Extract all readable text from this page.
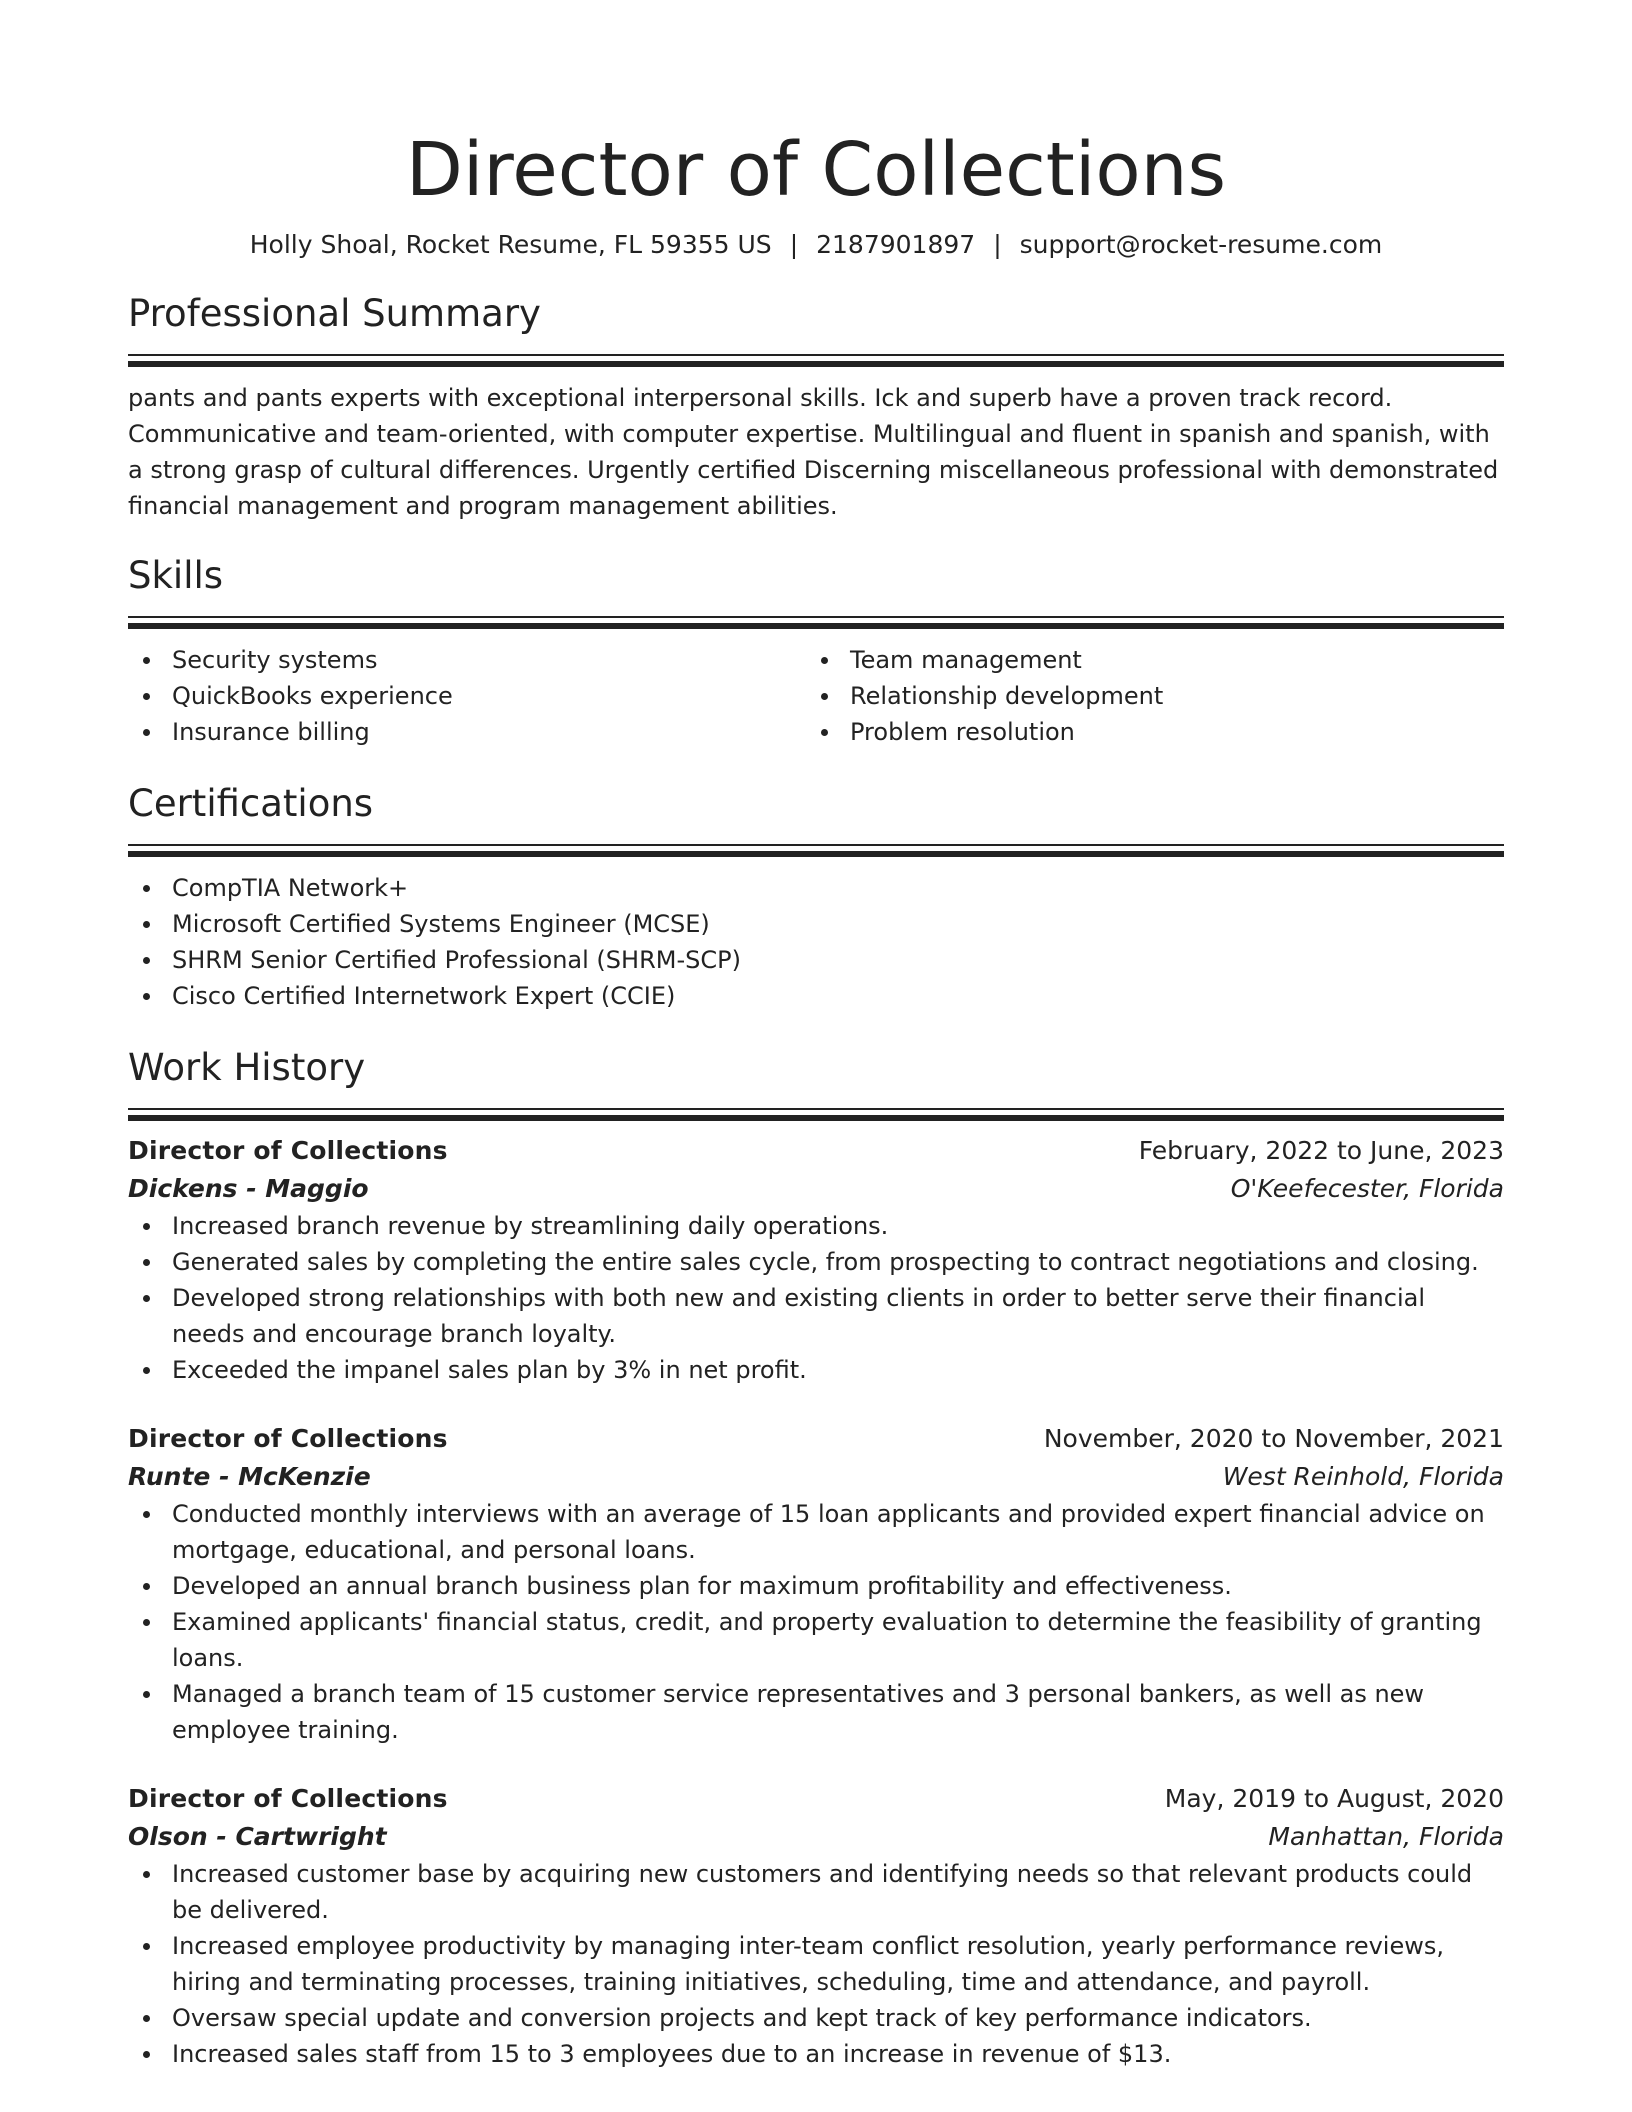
Director of Collections
Holly Shoal, Rocket Resume, FL 59355 US | 2187901897 | support@rocket-resume.com
Professional Summary
pants and pants experts with exceptional interpersonal skills. Ick and superb have a proven track record. Communicative and team-oriented, with computer expertise. Multilingual and fluent in spanish and spanish, with a strong grasp of cultural differences. Urgently certified Discerning miscellaneous professional with demonstrated financial management and program management abilities.
Skills
Security systems
QuickBooks experience
Insurance billing
Team management
Relationship development
Problem resolution
Certifications
CompTIA Network+
Microsoft Certified Systems Engineer (MCSE)
SHRM Senior Certified Professional (SHRM-SCP)
Cisco Certified Internetwork Expert (CCIE)
Work History
Director of Collections	February, 2022 to June, 2023
Dickens - Maggio	O'Keefecester, Florida
Increased branch revenue by streamlining daily operations.
Generated sales by completing the entire sales cycle, from prospecting to contract negotiations and closing.
Developed strong relationships with both new and existing clients in order to better serve their financial needs and encourage branch loyalty.
Exceeded the impanel sales plan by 3% in net profit.
Director of Collections	November, 2020 to November, 2021
Runte - McKenzie	West Reinhold, Florida
Conducted monthly interviews with an average of 15 loan applicants and provided expert financial advice on mortgage, educational, and personal loans.
Developed an annual branch business plan for maximum profitability and effectiveness.
Examined applicants' financial status, credit, and property evaluation to determine the feasibility of granting loans.
Managed a branch team of 15 customer service representatives and 3 personal bankers, as well as new employee training.
Director of Collections	May, 2019 to August, 2020
Olson - Cartwright	Manhattan, Florida
Increased customer base by acquiring new customers and identifying needs so that relevant products could be delivered.
Increased employee productivity by managing inter-team conflict resolution, yearly performance reviews, hiring and terminating processes, training initiatives, scheduling, time and attendance, and payroll.
Oversaw special update and conversion projects and kept track of key performance indicators.
Increased sales staff from 15 to 3 employees due to an increase in revenue of $13.
